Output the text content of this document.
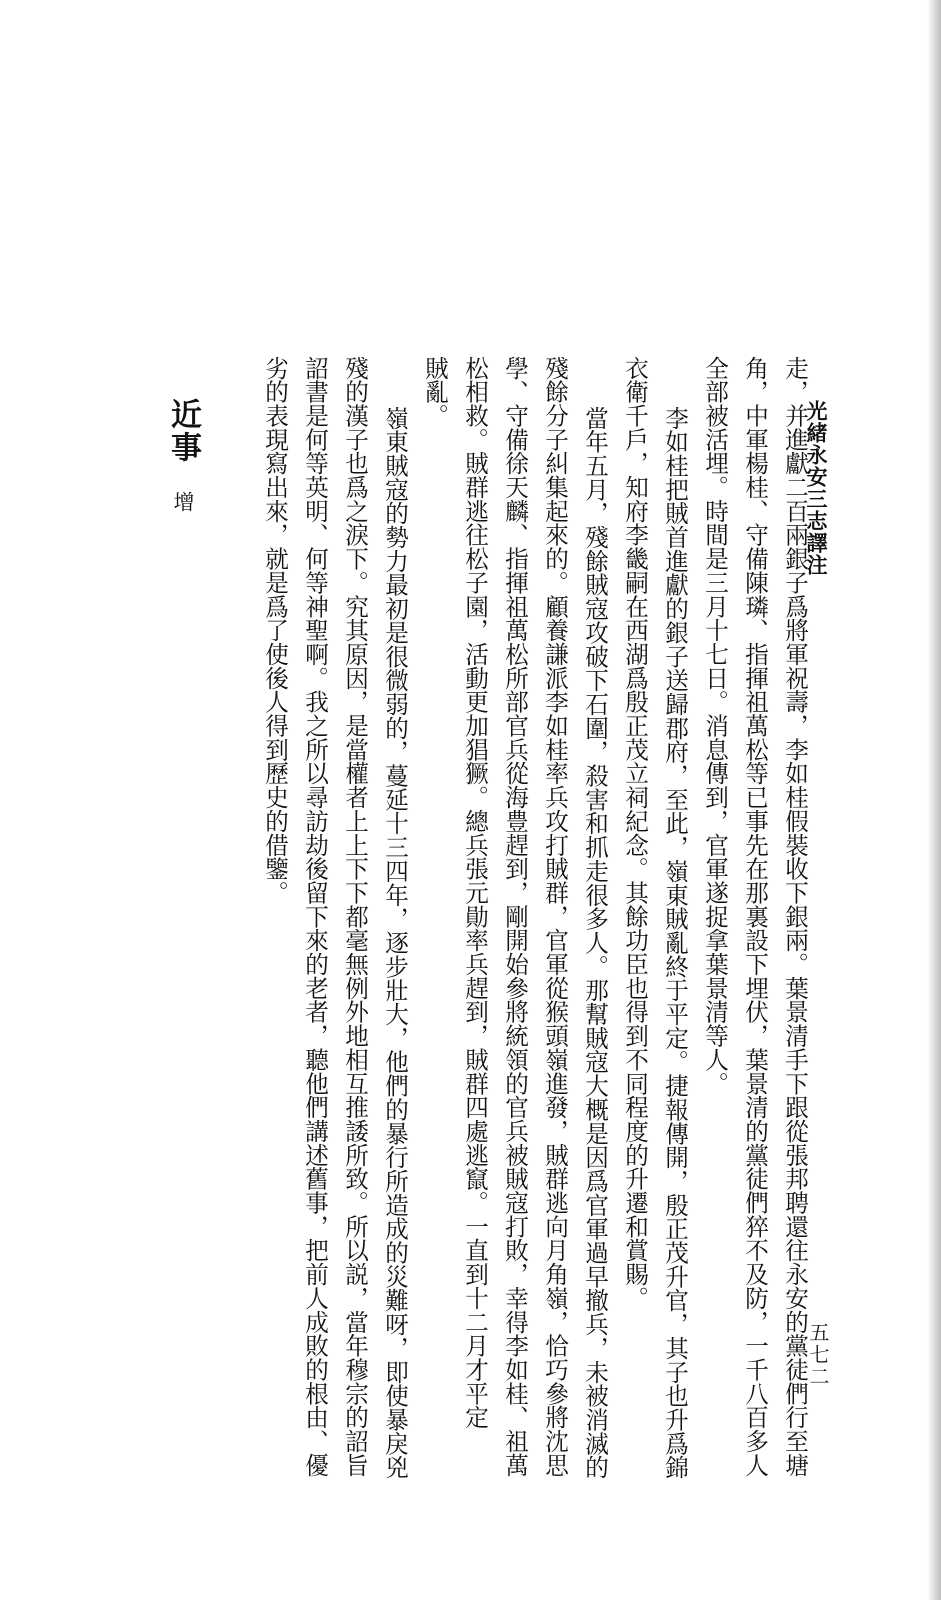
光緒永安三志譯注
五七二
走，并進獻二百兩銀子爲將軍祝壽，李如桂假裝收下銀兩。葉景清手下跟從張邦聘還往永安的黨徒們行至塘
角，中軍楊桂、守備陳璘、指揮祖萬松等已事先在那裏設下埋伏，葉景清的黨徒們猝不及防，一千八百多人
全部被活埋。時間是三月十七日。消息傳到，官軍遂捉拿葉景清等人。
李如桂把賊首進獻的銀子送歸郡府，至此，嶺東賊亂終于平定。捷報傳開，殷正茂升官，其子也升爲錦
衣衛千戶，知府李畿嗣在西湖爲殷正茂立祠紀念。其餘功臣也得到不同程度的升遷和賞賜。
當年五月，殘餘賊寇攻破下石圍，殺害和抓走很多人。那幫賊寇大概是因爲官軍過早撤兵，未被消滅的
殘餘分子糾集起來的。顧養謙派李如桂率兵攻打賊群，官軍從猴頭嶺進發，賊群逃向月角嶺，恰巧參將沈思
學、守備徐天麟、指揮祖萬松所部官兵從海豊趕到，剛開始參將統領的官兵被賊寇打敗，幸得李如桂、祖萬
松相救。賊群逃往松子園，活動更加猖獗。總兵張元勛率兵趕到，賊群四處逃竄。一直到十二月才平定
賊亂。
嶺東賊寇的勢力最初是很微弱的，蔓延十三四年，逐步壯大，他們的暴行所造成的災難呀，即使暴戾兇
殘的漢子也爲之淚下。究其原因，是當權者上上下下都毫無例外地相互推諉所致。所以説，當年穆宗的詔旨
詔書是何等英明、何等神聖啊。我之所以尋訪劫後留下來的老者，聽他們講述舊事，把前人成敗的根由、優
劣的表現寫出來，就是爲了使後人得到歷史的借鑒。
近事 增
